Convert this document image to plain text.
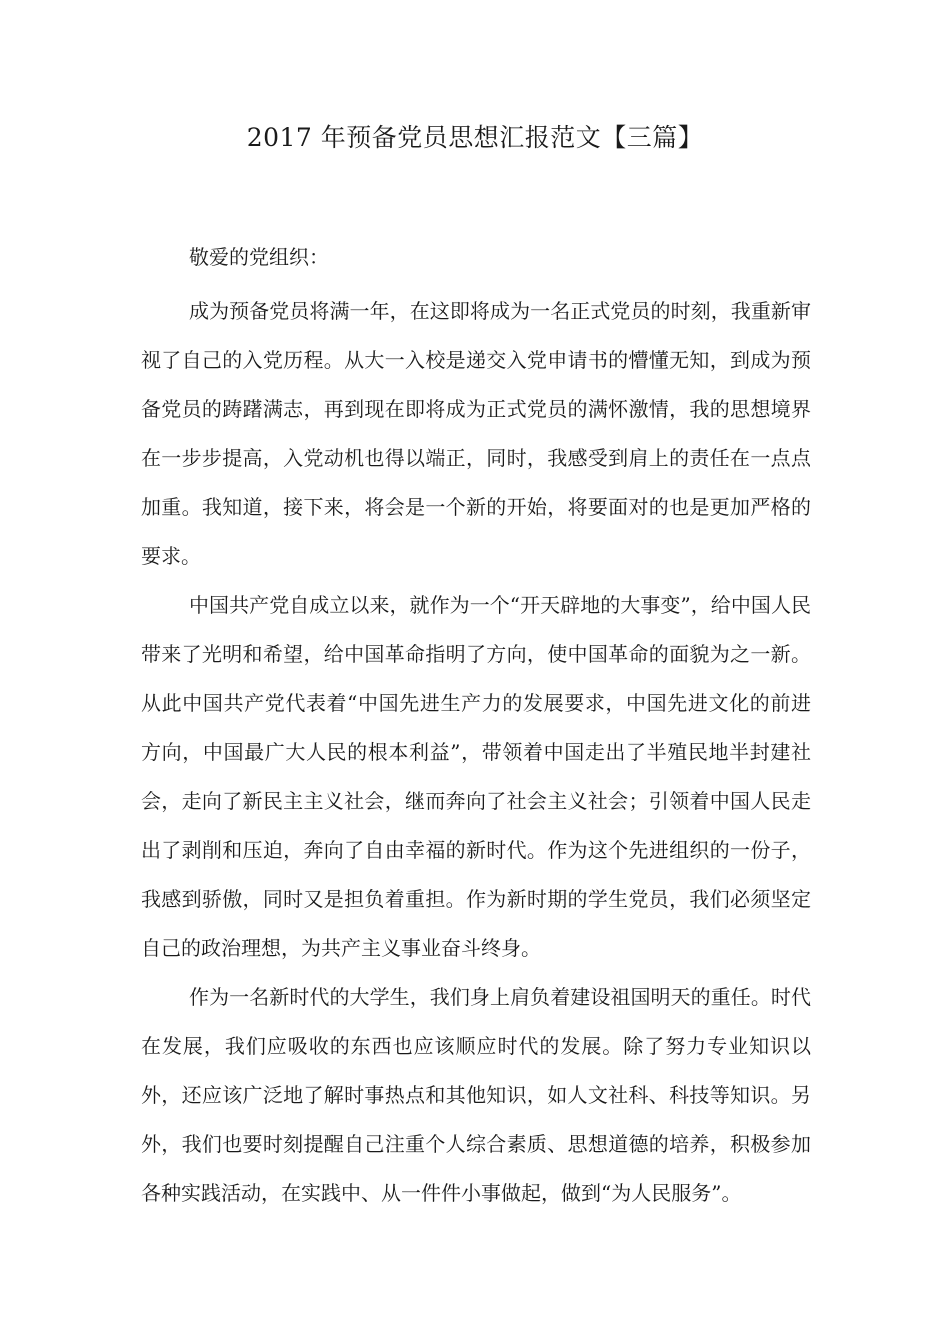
2017 年预备党员思想汇报范文【三篇】

敬爱的党组织：

成为预备党员将满一年，在这即将成为一名正式党员的时刻，我重新审视了自己的入党历程。从大一入校是递交入党申请书的懵懂无知，到成为预备党员的踌躇满志，再到现在即将成为正式党员的满怀激情，我的思想境界在一步步提高，入党动机也得以端正，同时，我感受到肩上的责任在一点点加重。我知道，接下来，将会是一个新的开始，将要面对的也是更加严格的要求。

中国共产党自成立以来，就作为一个“开天辟地的大事变”，给中国人民带来了光明和希望，给中国革命指明了方向，使中国革命的面貌为之一新。从此中国共产党代表着“中国先进生产力的发展要求，中国先进文化的前进方向，中国最广大人民的根本利益”，带领着中国走出了半殖民地半封建社会，走向了新民主主义社会，继而奔向了社会主义社会；引领着中国人民走出了剥削和压迫，奔向了自由幸福的新时代。作为这个先进组织的一份子，我感到骄傲，同时又是担负着重担。作为新时期的学生党员，我们必须坚定自己的政治理想，为共产主义事业奋斗终身。

作为一名新时代的大学生，我们身上肩负着建设祖国明天的重任。时代在发展，我们应吸收的东西也应该顺应时代的发展。除了努力专业知识以外，还应该广泛地了解时事热点和其他知识，如人文社科、科技等知识。另外，我们也要时刻提醒自己注重个人综合素质、思想道德的培养，积极参加各种实践活动，在实践中、从一件件小事做起，做到“为人民服务”。
